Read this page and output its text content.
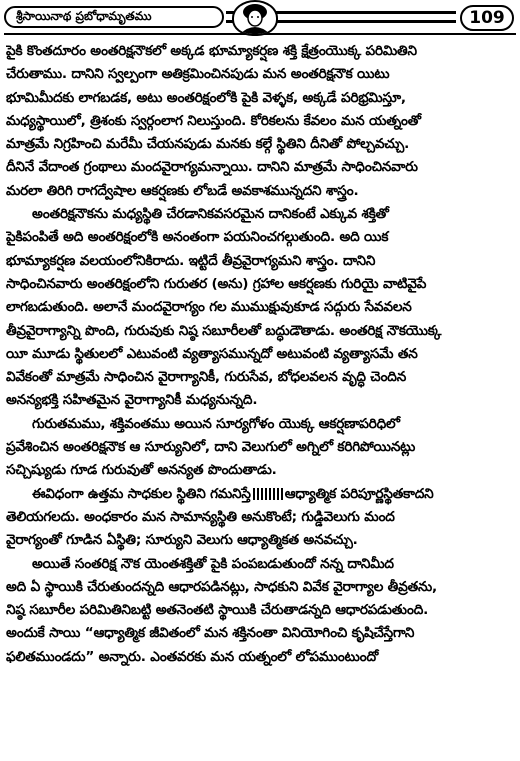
శ్రీసాయినాథ ప్రబోధామృతము	109
పైకి కొంతదూరం అంతరిక్షనౌకలో అక్కడ భూమ్యాకర్షణ శక్తి క్షేత్రంయొక్క పరిమితిని
చేరుతాము. దానిని స్వల్పంగా అతిక్రమించినపుడు మన అంతరిక్షనౌక యిటు
భూమిమీదకు లాగబడక, అటు అంతరిక్షంలోకి పైకి వెళ్ళక, అక్కడే పరిభ్రమిస్తూ,
మధ్యస్థాయిలో, త్రిశంకు స్వర్గంలాగ నిలుస్తుంది. కోరికలను కేవలం మన యత్నంతో
మాత్రమే నిగ్రహించి మరేమీ చేయనపుడు మనకు కల్గే స్థితిని దీనితో పోల్చవచ్చు.
దీనినే వేదాంత గ్రంథాలు మందవైరాగ్యమన్నాయి. దానిని మాత్రమే సాధించినవారు
మరలా తిరిగి రాగద్వేషాల ఆకర్షణకు లోబడే అవకాశమున్నదని శాస్త్రం.
అంతరిక్షనౌకను మధ్యస్థితి చేరడానికవసరమైన దానికంటే ఎక్కువ శక్తితో
పైకిపంపితే అది అంతరిక్షంలోకి అనంతంగా పయనించగల్గుతుంది. అది యిక
భూమ్యాకర్షణ వలయంలోనికిరాదు. ఇట్టిదే తీవ్రవైరాగ్యమని శాస్త్రం. దానిని
సాధించినవారు అంతరిక్షంలోని గురుతర (అను) గ్రహాల ఆకర్షణకు గురియై వాటివైపే
లాగబడుతుంది. అలానే మందవైరాగ్యం గల ముముక్షువుకూడ సద్గురు సేవవలన
తీవ్రవైరాగ్యాన్ని పొంది, గురువుకు నిష్ఠ సబూరీలతో బద్ధుడౌతాడు. అంతరిక్ష నౌకయొక్క
యీ మూడు స్థితులలో ఎటువంటి వ్యత్యాసమున్నదో అటువంటి వ్యత్యాసమే తన
వివేకంతో మాత్రమే సాధించిన వైరాగ్యానికీ, గురుసేవ, బోధలవలన వృద్ధి చెందిన
అనన్యభక్తి సహితమైన వైరాగ్యానికీ మధ్యనున్నది.
గురుతమము, శక్తివంతము అయిన సూర్యగోళం యొక్క ఆకర్షణాపరిధిలో
ప్రవేశించిన అంతరిక్షనౌక ఆ సూర్యునిలో, దాని వెలుగులో అగ్నిలో కరిగిపోయినట్లు
సచ్చిష్యుడు గూడ గురువుతో అనన్యత పొందుతాడు.
ఈవిధంగా ఉత్తమ సాధకుల స్థితిని గమనిస్తే	ఆధ్యాత్మిక పరిపూర్ణస్థితకాదని
తెలియగలదు. అంధకారం మన సామాన్యస్థితి అనుకొంటే; గుడ్డివెలుగు మంద
వైరాగ్యంతో గూడిన ఏస్థితి; సూర్యుని వెలుగు ఆధ్యాత్మికత అనవచ్చు.
అయితే సంతరిక్ష నౌక యెంతశక్తితో పైకి పంపబడుతుందో నన్న దానిమీద
అది ఏ స్థాయికి చేరుతుందన్నది ఆధారపడినట్లు, సాధకుని వివేక వైరాగ్యాల తీవ్రతను,
నిష్ఠ సబూరీల పరిమితినిబట్టి అతనెంతటి స్థాయికి చేరుతాడన్నది ఆధారపడుతుంది.
అందుకే సాయి “ఆధ్యాత్మిక జీవితంలో మన శక్తినంతా వినియోగించి కృషిచేస్తేగాని
ఫలితముండదు” అన్నారు. ఎంతవరకు మన యత్నంలో లోపముంటుందో
